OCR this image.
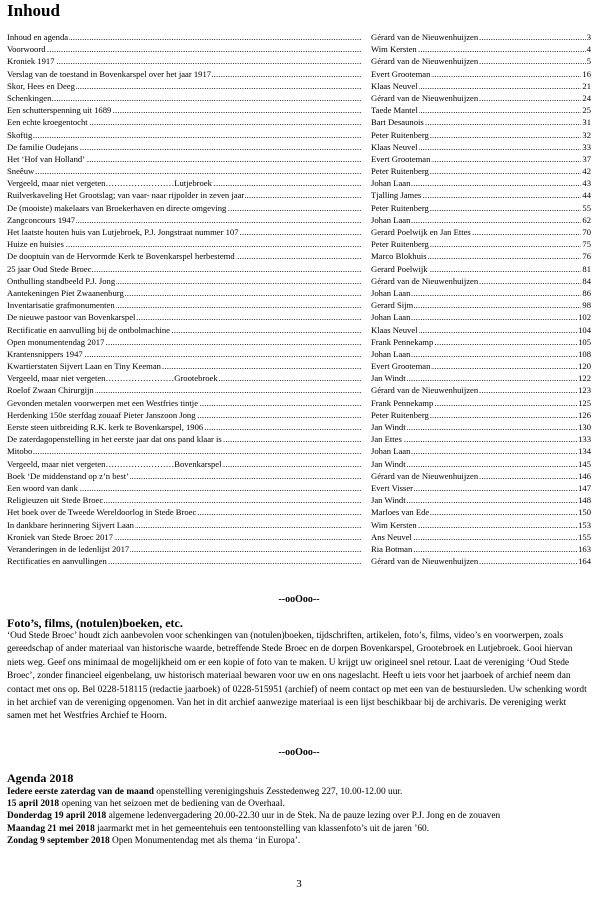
Inhoud
Inhoud en agenda .....	Gérard van de Nieuwenhuijzen .....	3
Voorwoord .....	Wim Kersten .....	4
Kroniek 1917 .....	Gérard van de Nieuwenhuijzen .....	5
Verslag van de toestand in Bovenkarspel over het jaar 1917 .....	Evert Grooteman .....	16
Skor, Hees en Deeg .....	Klaas Neuvel .....	21
Schenkingen .....	Gérard van de Nieuwenhuijzen .....	24
Een schutterspenning uit 1689 .....	Taede Mantel .....	25
Een echte kroegentocht .....	Bart Desaunois .....	31
Skoftig .....	Peter Ruitenberg .....	32
De familie Oudejans .....	Klaas Neuvel .....	33
Het ‘Hof van Holland’ .....	Evert Grooteman .....	37
Sneêuw .....	Peter Ruitenberg .....	42
Vergeeld, maar niet vergeten……………………Lutjebroek .....	Johan Laan .....	43
Ruilverkaveling Het Grootslag; van vaar- naar rijpolder in zeven jaar .....	Tjalling James .....	44
De (mooiste) makelaars van Broekerhaven en directe omgeving .....	Peter Ruitenberg .....	55
Zangconcours 1947 .....	Johan Laan .....	62
Het laatste houten huis van Lutjebroek, P.J. Jongstraat nummer 107 .....	Gerard Poelwijk en Jan Ettes .....	70
Huize en huisies .....	Peter Ruitenberg .....	75
De dooptuin van de Hervormde Kerk te Bovenkarspel herbestemd .....	Marco Blokhuis .....	76
25 jaar Oud Stede Broec .....	Gerard Poelwijk .....	81
Onthulling standbeeld P.J. Jong .....	Gérard van de Nieuwenhuijzen .....	84
Aantekeningen Piet Zwaanenburg .....	Johan Laan .....	86
Inventarisatie grafmonumenten .....	Gerard Sijm .....	98
De nieuwe pastoor van Bovenkarspel .....	Johan Laan .....	102
Rectificatie en aanvulling bij de ontbolmachine .....	Klaas Neuvel .....	104
Open monumentendag 2017 .....	Frank Pennekamp .....	105
Krantensnippers 1947 .....	Johan Laan .....	108
Kwartierstaten Sijvert Laan en Tiny Keeman .....	Evert Grooteman .....	120
Vergeeld, maar niet vergeten……………………Grootebroek .....	Jan Windt .....	122
Roelof Zwaan Chirurgijn .....	Gérard van de Nieuwenhuijzen .....	123
Gevonden metalen voorwerpen met een Westfries tintje .....	Frank Pennekamp .....	125
Herdenking 150e sterfdag zouaaf Pieter Janszoon Jong .....	Peter Ruitenberg .....	126
Eerste steen uitbreiding R.K. kerk te Bovenkarspel, 1906 .....	Jan Windt .....	130
De zaterdagopenstelling in het eerste jaar dat ons pand klaar is .....	Jan Ettes .....	133
Mitobo .....	Johan Laan .....	134
Vergeeld, maar niet vergeten……………………Bovenkarspel .....	Jan Windt .....	145
Boek ‘De middenstand op z’n best’ .....	Gérard van de Nieuwenhuijzen .....	146
Een woord van dank .....	Evert Visser .....	147
Religieuzen uit Stede Broec .....	Jan Windt .....	148
Het boek over de Tweede Wereldoorlog in Stede Broec .....	Marloes van Ede .....	150
In dankbare herinnering Sijvert Laan .....	Wim Kersten .....	153
Kroniek van Stede Broec 2017 .....	Ans Neuvel .....	155
Veranderingen in de ledenlijst 2017 .....	Ria Botman .....	163
Rectificaties en aanvullingen .....	Gérard van de Nieuwenhuijzen .....	164
--ooOoo--
Foto’s, films, (notulen)boeken, etc.
‘Oud Stede Broec’ houdt zich aanbevolen voor schenkingen van (notulen)boeken, tijdschriften, artikelen, foto’s, films, video’s en voorwerpen, zoals gereedschap of ander materiaal van historische waarde, betreffende Stede Broec en de dorpen Bovenkarspel, Grootebroek en Lutjebroek. Gooi hiervan niets weg. Geef ons minimaal de mogelijkheid om er een kopie of foto van te maken. U krijgt uw origineel snel retour. Laat de vereniging ‘Oud Stede Broec’, zonder financieel eigenbelang, uw historisch materiaal bewaren voor uw en ons nageslacht. Heeft u iets voor het jaarboek of archief neem dan contact met ons op. Bel 0228-518115 (redactie jaarboek) of 0228-515951 (archief) of neem contact op met een van de bestuursleden. Uw schenking wordt in het archief van de vereniging opgenomen. Van het in dit archief aanwezige materiaal is een lijst beschikbaar bij de archivaris. De vereniging werkt samen met het Westfries Archief te Hoorn.
--ooOoo--
Agenda 2018

Iedere eerste zaterdag van de maand openstelling verenigingshuis Zesstedenweg 227, 10.00-12.00 uur.

15 april 2018 opening van het seizoen met de bediening van de Overhaal.

Donderdag 19 april 2018 algemene ledenvergadering 20.00-22.30 uur in de Stek. Na de pauze lezing over P.J. Jong en de zouaven

Maandag 21 mei 2018 jaarmarkt met in het gemeentehuis een tentoonstelling van klassenfoto’s uit de jaren ’60.

Zondag 9 september 2018 Open Monumentendag met als thema ‘in Europa’.

3
